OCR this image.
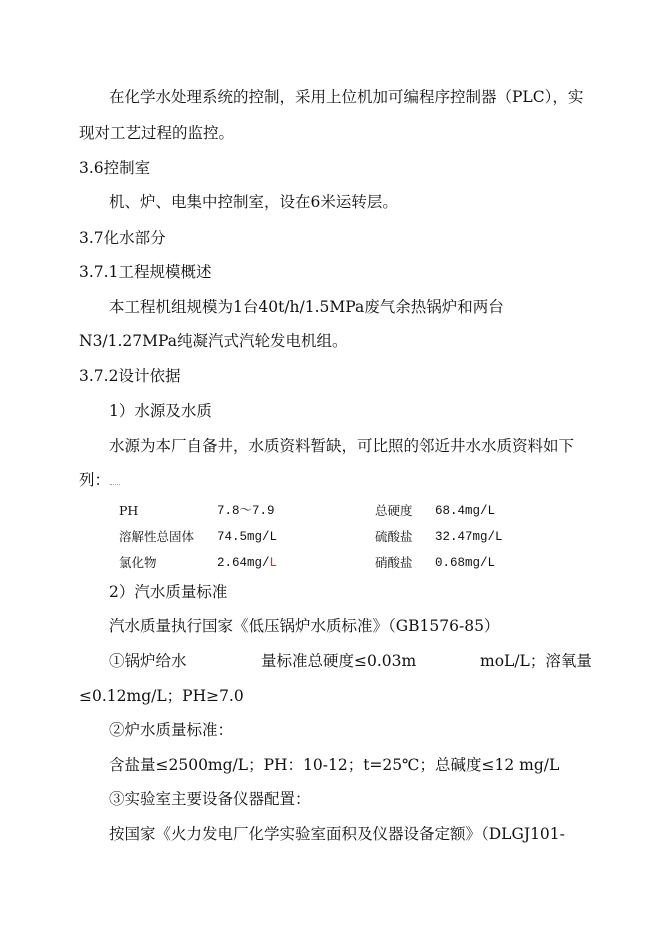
在化学水处理系统的控制，采用上位机加可编程序控制器（PLC），实
现对工艺过程的监控。
3.6控制室
机、炉、电集中控制室，设在6米运转层。
3.7化水部分
3.7.1工程规模概述
本工程机组规模为1台40t/h/1.5MPa废气余热锅炉和两台
N3/1.27MPa纯凝汽式汽轮发电机组。
3.7.2设计依据
1）水源及水质
水源为本厂自备井，水质资料暂缺，可比照的邻近井水水质资料如下
列：
PH	7.8～7.9	总硬度 68.4mg/L
溶解性总固体 74.5mg/L	硫酸盐 32.47mg/L
氯化物	2.64mg/L	硝酸盐 0.68mg/L
2）汽水质量标准
汽水质量执行国家《低压锅炉水质标准》（GB1576-85）
①锅炉给水	量标准总硬度≤0.03m	moL/L；溶氧量
≤0.12mg/L；PH≥7.0
②炉水质量标准：
含盐量≤2500mg/L；PH：10-12；t=25℃；总碱度≤12 mg/L
③实验室主要设备仪器配置：
按国家《火力发电厂化学实验室面积及仪器设备定额》（DLGJ101-
